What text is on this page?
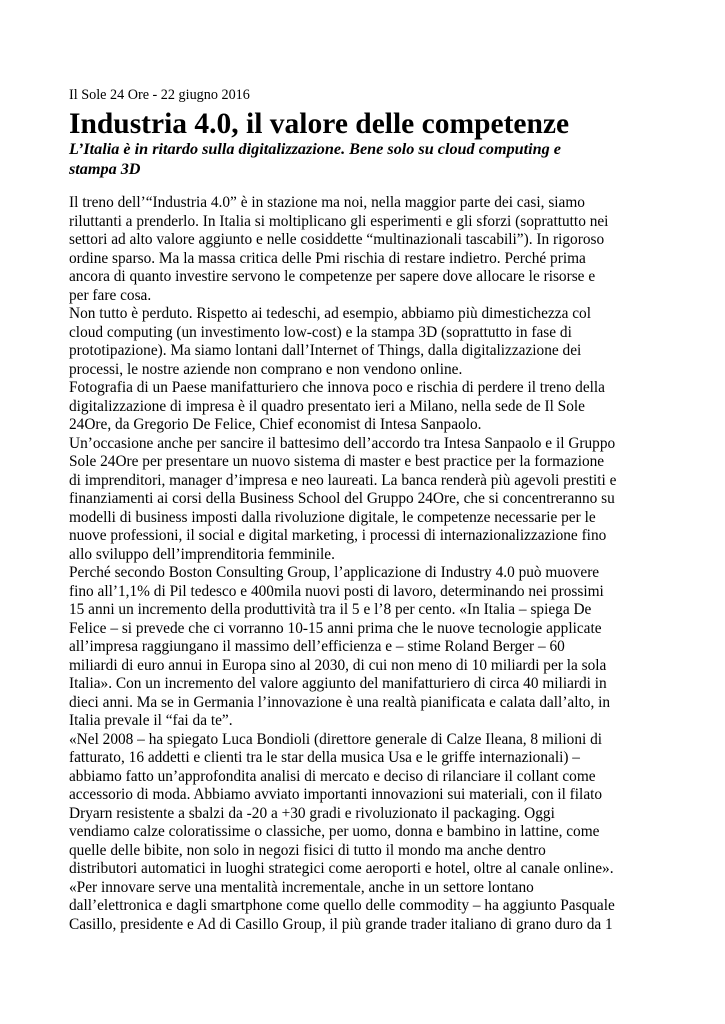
Il Sole 24 Ore - 22 giugno 2016
Industria 4.0, il valore delle competenze
L’Italia è in ritardo sulla digitalizzazione. Bene solo su cloud computing e
stampa 3D
Il treno dell’“Industria 4.0” è in stazione ma noi, nella maggior parte dei casi, siamo
riluttanti a prenderlo. In Italia si moltiplicano gli esperimenti e gli sforzi (soprattutto nei
settori ad alto valore aggiunto e nelle cosiddette “multinazionali tascabili”). In rigoroso
ordine sparso. Ma la massa critica delle Pmi rischia di restare indietro. Perché prima
ancora di quanto investire servono le competenze per sapere dove allocare le risorse e
per fare cosa.
Non tutto è perduto. Rispetto ai tedeschi, ad esempio, abbiamo più dimestichezza col
cloud computing (un investimento low-cost) e la stampa 3D (soprattutto in fase di
prototipazione). Ma siamo lontani dall’Internet of Things, dalla digitalizzazione dei
processi, le nostre aziende non comprano e non vendono online.
Fotografia di un Paese manifatturiero che innova poco e rischia di perdere il treno della
digitalizzazione di impresa è il quadro presentato ieri a Milano, nella sede de Il Sole
24Ore, da Gregorio De Felice, Chief economist di Intesa Sanpaolo.
Un’occasione anche per sancire il battesimo dell’accordo tra Intesa Sanpaolo e il Gruppo
Sole 24Ore per presentare un nuovo sistema di master e best practice per la formazione
di imprenditori, manager d’impresa e neo laureati. La banca renderà più agevoli prestiti e
finanziamenti ai corsi della Business School del Gruppo 24Ore, che si concentreranno su
modelli di business imposti dalla rivoluzione digitale, le competenze necessarie per le
nuove professioni, il social e digital marketing, i processi di internazionalizzazione fino
allo sviluppo dell’imprenditoria femminile.
Perché secondo Boston Consulting Group, l’applicazione di Industry 4.0 può muovere
fino all’1,1% di Pil tedesco e 400mila nuovi posti di lavoro, determinando nei prossimi
15 anni un incremento della produttività tra il 5 e l’8 per cento. «In Italia – spiega De
Felice – si prevede che ci vorranno 10-15 anni prima che le nuove tecnologie applicate
all’impresa raggiungano il massimo dell’efficienza e – stime Roland Berger – 60
miliardi di euro annui in Europa sino al 2030, di cui non meno di 10 miliardi per la sola
Italia». Con un incremento del valore aggiunto del manifatturiero di circa 40 miliardi in
dieci anni. Ma se in Germania l’innovazione è una realtà pianificata e calata dall’alto, in
Italia prevale il “fai da te”.
«Nel 2008 – ha spiegato Luca Bondioli (direttore generale di Calze Ileana, 8 milioni di
fatturato, 16 addetti e clienti tra le star della musica Usa e le griffe internazionali) –
abbiamo fatto un’approfondita analisi di mercato e deciso di rilanciare il collant come
accessorio di moda. Abbiamo avviato importanti innovazioni sui materiali, con il filato
Dryarn resistente a sbalzi da -20 a +30 gradi e rivoluzionato il packaging. Oggi
vendiamo calze coloratissime o classiche, per uomo, donna e bambino in lattine, come
quelle delle bibite, non solo in negozi fisici di tutto il mondo ma anche dentro
distributori automatici in luoghi strategici come aeroporti e hotel, oltre al canale online».
«Per innovare serve una mentalità incrementale, anche in un settore lontano
dall’elettronica e dagli smartphone come quello delle commodity – ha aggiunto Pasquale
Casillo, presidente e Ad di Casillo Group, il più grande trader italiano di grano duro da 1
